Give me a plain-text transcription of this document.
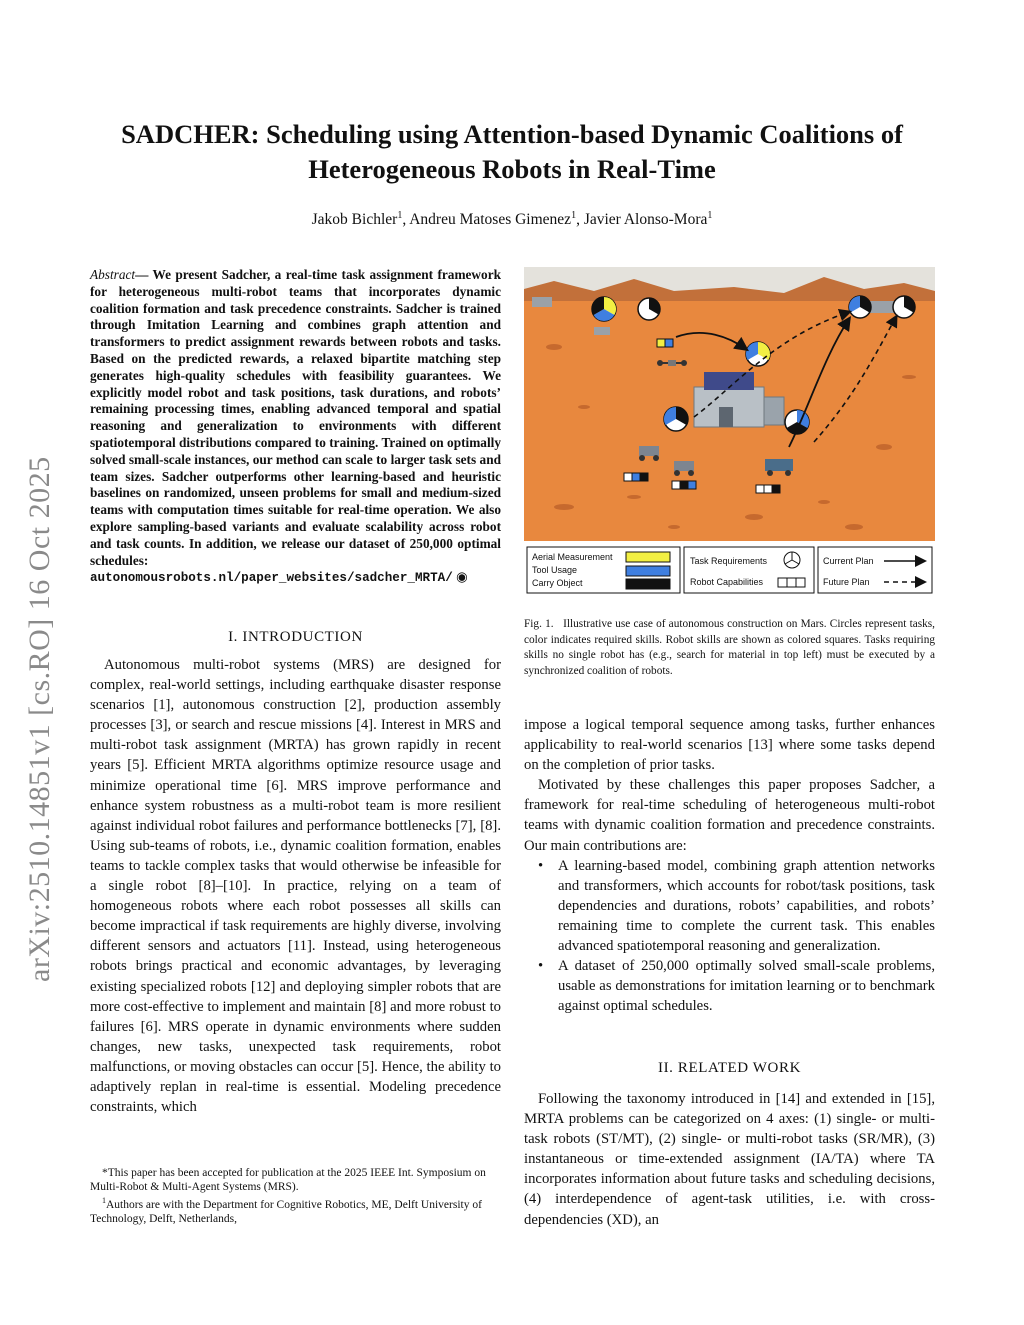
arXiv:2510.14851v1 [cs.RO] 16 Oct 2025
SADCHER: Scheduling using Attention-based Dynamic Coalitions of
Heterogeneous Robots in Real-Time
Jakob Bichler$^1$, Andreu Matoses Gimenez$^1$, Javier Alonso-Mora$^1$
Abstract— We present Sadcher, a real-time task assignment framework for heterogeneous multi-robot teams that incorporates dynamic coalition formation and task precedence constraints. Sadcher is trained through Imitation Learning and combines graph attention and transformers to predict assignment rewards between robots and tasks. Based on the predicted rewards, a relaxed bipartite matching step generates high-quality schedules with feasibility guarantees. We explicitly model robot and task positions, task durations, and robots’ remaining processing times, enabling advanced temporal and spatial reasoning and generalization to environments with different spatiotemporal distributions compared to training. Trained on optimally solved small-scale instances, our method can scale to larger task sets and team sizes. Sadcher outperforms other learning-based and heuristic baselines on randomized, unseen problems for small and medium-sized teams with computation times suitable for real-time operation. We also explore sampling-based variants and evaluate scalability across robot and task counts. In addition, we release our dataset of 250,000 optimal schedules: autonomousrobots.nl/paper_websites/sadcher_MRTA/ ◉
I. INTRODUCTION

Autonomous multi-robot systems (MRS) are designed for complex, real-world settings, including earthquake disaster response scenarios [1], autonomous construction [2], production assembly processes [3], or search and rescue missions [4]. Interest in MRS and multi-robot task assignment (MRTA) has grown rapidly in recent years [5]. Efficient MRTA algorithms optimize resource usage and minimize operational time [6]. MRS improve performance and enhance system robustness as a multi-robot team is more resilient against individual robot failures and performance bottlenecks [7], [8]. Using sub-teams of robots, i.e., dynamic coalition formation, enables teams to tackle complex tasks that would otherwise be infeasible for a single robot [8]–[10]. In practice, relying on a team of homogeneous robots where each robot possesses all skills can become impractical if task requirements are highly diverse, involving different sensors and actuators [11]. Instead, using heterogeneous robots brings practical and economic advantages, by leveraging existing specialized robots [12] and deploying simpler robots that are more cost-effective to implement and maintain [8] and more robust to failures [6]. MRS operate in dynamic environments where sudden changes, new tasks, unexpected task requirements, robot malfunctions, or moving obstacles can occur [5]. Hence, the ability to adaptively replan in real-time is essential. Modeling precedence constraints, which

*This paper has been accepted for publication at the 2025 IEEE Int. Symposium on Multi-Robot & Multi-Agent Systems (MRS).

$^1$Authors are with the Department for Cognitive Robotics, ME, Delft University of Technology, Delft, Netherlands,

Aerial Measurement
Tool Usage
Carry Object
Task Requirements
Robot Capabilities
Current Plan
Future Plan
Fig. 1. Illustrative use case of autonomous construction on Mars. Circles represent tasks, color indicates required skills. Robot skills are shown as colored squares. Tasks requiring skills no single robot has (e.g., search for material in top left) must be executed by a synchronized coalition of robots.

impose a logical temporal sequence among tasks, further enhances applicability to real-world scenarios [13] where some tasks depend on the completion of prior tasks.

Motivated by these challenges this paper proposes Sadcher, a framework for real-time scheduling of heterogeneous multi-robot teams with dynamic coalition formation and precedence constraints. Our main contributions are:

• A learning-based model, combining graph attention networks and transformers, which accounts for robot/task positions, task dependencies and durations, robots’ capabilities, and robots’ remaining time to complete the current task. This enables advanced spatiotemporal reasoning and generalization.
• A dataset of 250,000 optimally solved small-scale problems, usable as demonstrations for imitation learning or to benchmark against optimal schedules.
II. RELATED WORK

Following the taxonomy introduced in [14] and extended in [15], MRTA problems can be categorized on 4 axes: (1) single- or multi-task robots (ST/MT), (2) single- or multi-robot tasks (SR/MR), (3) instantaneous or time-extended assignment (IA/TA) where TA incorporates information about future tasks and scheduling decisions, (4) interdependence of agent-task utilities, i.e. with cross-dependencies (XD), an
